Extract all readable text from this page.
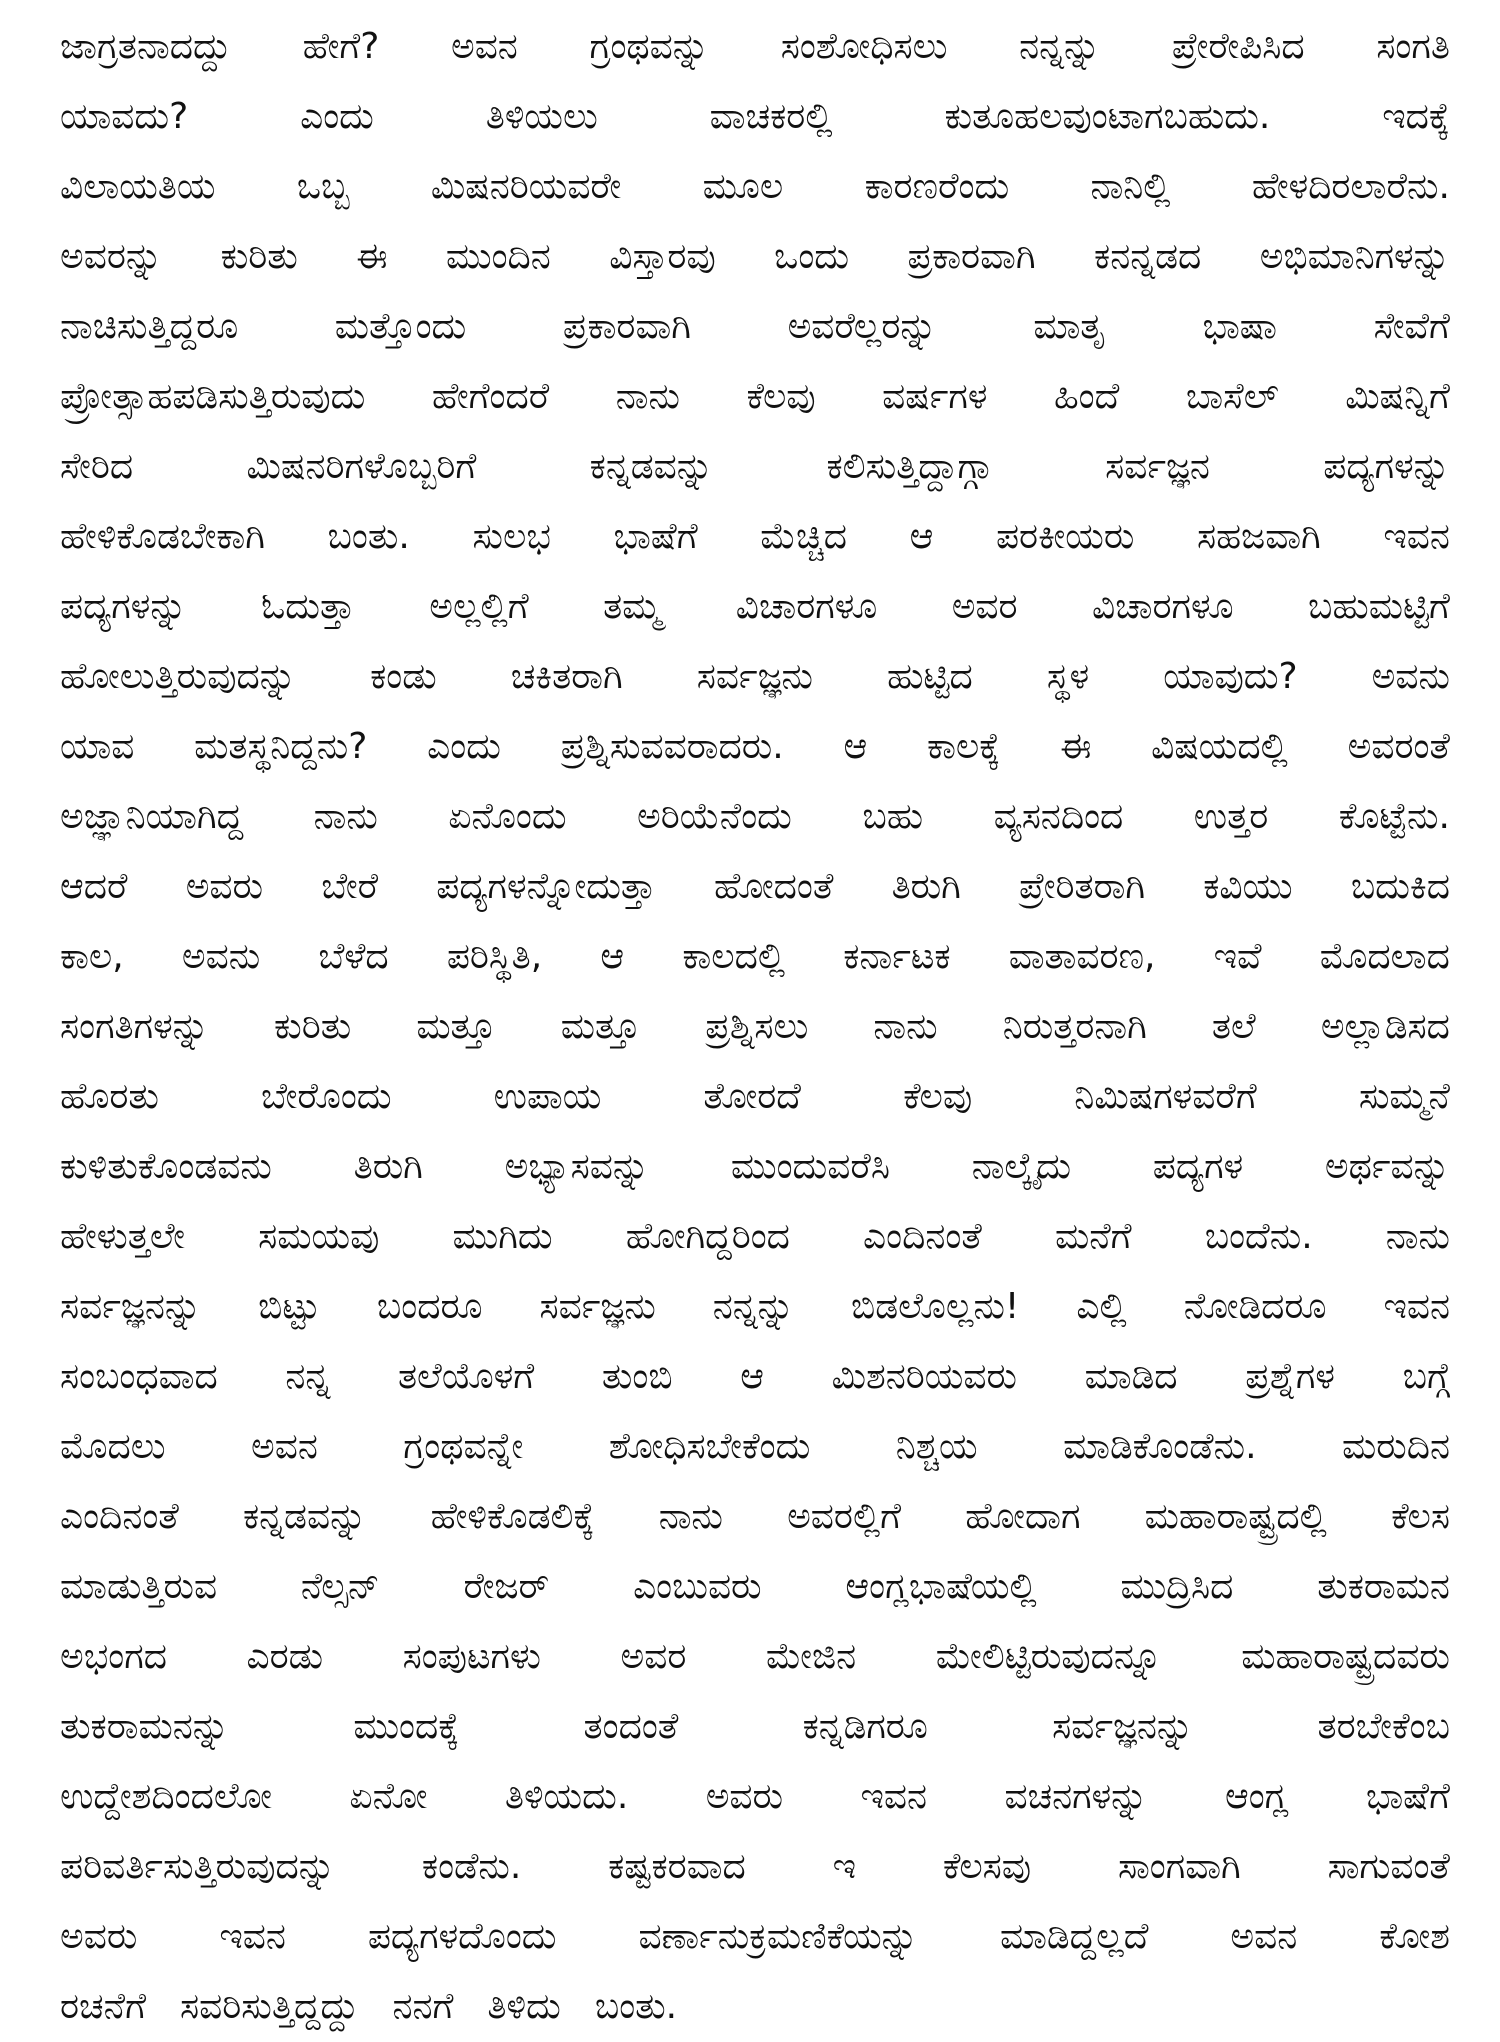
ಜಾಗ್ರತನಾದದ್ದು ಹೇಗೆ? ಅವನ ಗ್ರಂಥವನ್ನು ಸಂಶೋಧಿಸಲು ನನ್ನನ್ನು ಪ್ರೇರೇಪಿಸಿದ ಸಂಗತಿ
ಯಾವದು?	ಎಂದು	ತಿಳಿಯಲು	ವಾಚಕರಲ್ಲಿ	ಕುತೂಹಲವುಂಟಾಗಬಹುದು.	ಇದಕ್ಕೆ
ವಿಲಾಯತಿಯ ಒಬ್ಬ ಮಿಷನರಿಯವರೇ ಮೂಲ ಕಾರಣರೆಂದು ನಾನಿಲ್ಲಿ ಹೇಳದಿರಲಾರೆನು.
ಅವರನ್ನು ಕುರಿತು ಈ ಮುಂದಿನ ವಿಸ್ತಾರವು ಒಂದು ಪ್ರಕಾರವಾಗಿ ಕನನ್ನಡದ ಅಭಿಮಾನಿಗಳನ್ನು
ನಾಚಿಸುತ್ತಿದ್ದರೂ	ಮತ್ತೊಂದು	ಪ್ರಕಾರವಾಗಿ	ಅವರೆಲ್ಲರನ್ನು	ಮಾತೃ	ಭಾಷಾ	ಸೇವೆಗೆ
ಪ್ರೋತ್ಸಾಹಪಡಿಸುತ್ತಿರುವುದು ಹೇಗೆಂದರೆ ನಾನು ಕೆಲವು ವರ್ಷಗಳ ಹಿಂದೆ ಬಾಸೆಲ್ ಮಿಷನ್ನಿಗೆ
ಸೇರಿದ	ಮಿಷನರಿಗಳೊಬ್ಬರಿಗೆ	ಕನ್ನಡವನ್ನು	ಕಲಿಸುತ್ತಿದ್ದಾಗ್ಗಾ	ಸರ್ವಜ್ಞನ	ಪದ್ಯಗಳನ್ನು
ಹೇಳಿಕೊಡಬೇಕಾಗಿ ಬಂತು. ಸುಲಭ ಭಾಷೆಗೆ ಮೆಚ್ಚಿದ ಆ ಪರಕೀಯರು ಸಹಜವಾಗಿ ಇವನ
ಪದ್ಯಗಳನ್ನು ಓದುತ್ತಾ ಅಲ್ಲಲ್ಲಿಗೆ ತಮ್ಮ ವಿಚಾರಗಳೂ ಅವರ ವಿಚಾರಗಳೂ ಬಹುಮಟ್ಟಿಗೆ
ಹೋಲುತ್ತಿರುವುದನ್ನು ಕಂಡು ಚಕಿತರಾಗಿ ಸರ್ವಜ್ಞನು ಹುಟ್ಟಿದ ಸ್ಥಳ ಯಾವುದು? ಅವನು
ಯಾವ ಮತಸ್ಥನಿದ್ದನು? ಎಂದು ಪ್ರಶ್ನಿಸುವವರಾದರು. ಆ ಕಾಲಕ್ಕೆ ಈ ವಿಷಯದಲ್ಲಿ ಅವರಂತೆ
ಅಜ್ಞಾನಿಯಾಗಿದ್ದ ನಾನು ಏನೊಂದು ಅರಿಯೆನೆಂದು ಬಹು ವ್ಯಸನದಿಂದ ಉತ್ತರ ಕೊಟ್ಟೆನು.
ಆದರೆ ಅವರು ಬೇರೆ ಪದ್ಯಗಳನ್ನೋದುತ್ತಾ ಹೋದಂತೆ ತಿರುಗಿ ಪ್ರೇರಿತರಾಗಿ ಕವಿಯು ಬದುಕಿದ
ಕಾಲ, ಅವನು ಬೆಳೆದ ಪರಿಸ್ಥಿತಿ, ಆ ಕಾಲದಲ್ಲಿ ಕರ್ನಾಟಕ ವಾತಾವರಣ, ಇವೆ ಮೊದಲಾದ
ಸಂಗತಿಗಳನ್ನು ಕುರಿತು ಮತ್ತೂ ಮತ್ತೂ ಪ್ರಶ್ನಿಸಲು ನಾನು ನಿರುತ್ತರನಾಗಿ ತಲೆ ಅಲ್ಲಾಡಿಸದ
ಹೊರತು	ಬೇರೊಂದು	ಉಪಾಯ	ತೋರದೆ	ಕೆಲವು	ನಿಮಿಷಗಳವರೆಗೆ	ಸುಮ್ಮನೆ
ಕುಳಿತುಕೊಂಡವನು ತಿರುಗಿ ಅಭ್ಯಾಸವನ್ನು ಮುಂದುವರೆಸಿ ನಾಲ್ಕೈದು ಪದ್ಯಗಳ ಅರ್ಥವನ್ನು
ಹೇಳುತ್ತಲೇ ಸಮಯವು ಮುಗಿದು ಹೋಗಿದ್ದರಿಂದ ಎಂದಿನಂತೆ ಮನೆಗೆ ಬಂದೆನು. ನಾನು
ಸರ್ವಜ್ಞನನ್ನು ಬಿಟ್ಟು ಬಂದರೂ ಸರ್ವಜ್ಞನು ನನ್ನನ್ನು ಬಿಡಲೊಲ್ಲನು! ಎಲ್ಲಿ ನೋಡಿದರೂ ಇವನ
ಸಂಬಂಧವಾದ ನನ್ನ ತಲೆಯೊಳಗೆ ತುಂಬಿ ಆ ಮಿಶನರಿಯವರು ಮಾಡಿದ ಪ್ರಶ್ನೆಗಳ ಬಗ್ಗೆ
ಮೊದಲು ಅವನ ಗ್ರಂಥವನ್ನೇ ಶೋಧಿಸಬೇಕೆಂದು ನಿಶ್ಚಯ ಮಾಡಿಕೊಂಡೆನು. ಮರುದಿನ
ಎಂದಿನಂತೆ ಕನ್ನಡವನ್ನು ಹೇಳಿಕೊಡಲಿಕ್ಕೆ ನಾನು ಅವರಲ್ಲಿಗೆ ಹೋದಾಗ ಮಹಾರಾಷ್ಟ್ರದಲ್ಲಿ ಕೆಲಸ
ಮಾಡುತ್ತಿರುವ ನೆಲ್ಸನ್ ರೇಜರ್ ಎಂಬುವರು ಆಂಗ್ಲಭಾಷೆಯಲ್ಲಿ ಮುದ್ರಿಸಿದ ತುಕರಾಮನ
ಅಭಂಗದ ಎರಡು ಸಂಪುಟಗಳು ಅವರ ಮೇಜಿನ ಮೇಲಿಟ್ಟಿರುವುದನ್ನೂ ಮಹಾರಾಷ್ಟ್ರದವರು
ತುಕರಾಮನನ್ನು	ಮುಂದಕ್ಕೆ	ತಂದಂತೆ	ಕನ್ನಡಿಗರೂ	ಸರ್ವಜ್ಞನನ್ನು	ತರಬೇಕೆಂಬ
ಉದ್ದೇಶದಿಂದಲೋ ಏನೋ ತಿಳಿಯದು. ಅವರು ಇವನ ವಚನಗಳನ್ನು ಆಂಗ್ಲ ಭಾಷೆಗೆ
ಪರಿವರ್ತಿಸುತ್ತಿರುವುದನ್ನು ಕಂಡೆನು. ಕಷ್ಟಕರವಾದ ಇ ಕೆಲಸವು ಸಾಂಗವಾಗಿ ಸಾಗುವಂತೆ
ಅವರು ಇವನ ಪದ್ಯಗಳದೊಂದು ವರ್ಣಾನುಕ್ರಮಣಿಕೆಯನ್ನು ಮಾಡಿದ್ದಲ್ಲದೆ ಅವನ ಕೋಶ
ರಚನೆಗೆ ಸವರಿಸುತ್ತಿದ್ದದ್ದು ನನಗೆ ತಿಳಿದು ಬಂತು.
